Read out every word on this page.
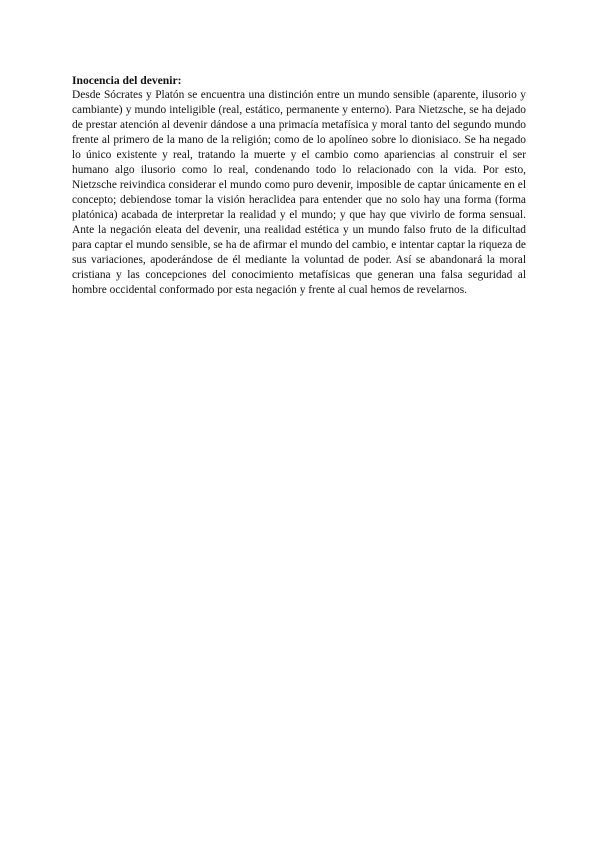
Inocencia del devenir:

Desde Sócrates y Platón se encuentra una distinción entre un mundo sensible (aparente, ilusorio y cambiante) y mundo inteligible (real, estático, permanente y enterno). Para Nietzsche, se ha dejado de prestar atención al devenir dándose a una primacía metafísica y moral tanto del segundo mundo frente al primero de la mano de la religión; como de lo apolíneo sobre lo dionisiaco. Se ha negado lo único existente y real, tratando la muerte y el cambio como apariencias al construir el ser humano algo ilusorio como lo real, condenando todo lo relacionado con la vida. Por esto, Nietzsche reivindica considerar el mundo como puro devenir, imposible de captar únicamente en el concepto; debiendose tomar la visión heraclidea para entender que no solo hay una forma (forma platónica) acabada de interpretar la realidad y el mundo; y que hay que vivirlo de forma sensual. Ante la negación eleata del devenir, una realidad estética y un mundo falso fruto de la dificultad para captar el mundo sensible, se ha de afirmar el mundo del cambio, e intentar captar la riqueza de sus variaciones, apoderándose de él mediante la voluntad de poder. Así se abandonará la moral cristiana y las concepciones del conocimiento metafísicas que generan una falsa seguridad al hombre occidental conformado por esta negación y frente al cual hemos de revelarnos.
